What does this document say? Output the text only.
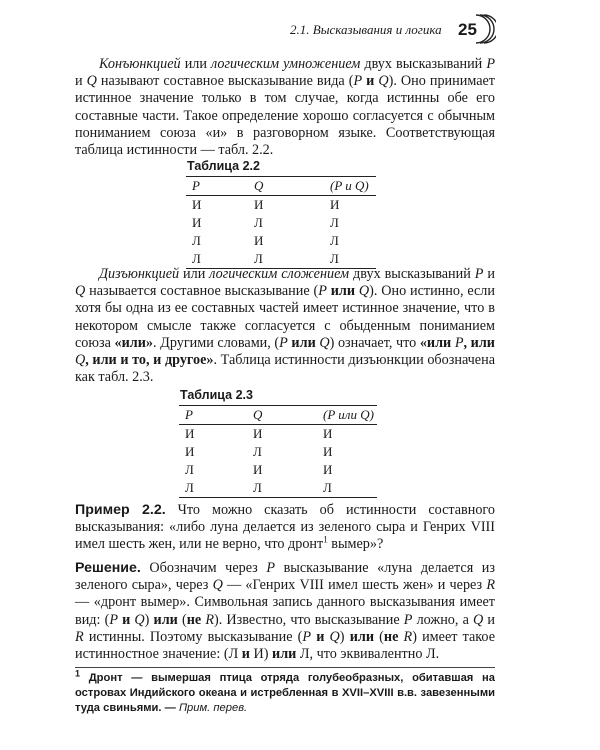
2.1. Высказывания и логика 25
Конъюнкцией или логическим умножением двух высказываний P и Q называют составное высказывание вида (P и Q). Оно принимает истинное значение только в том случае, когда истинны обе его составные части. Такое определение хорошо согласуется с обычным пониманием союза «и» в разговорном языке. Соответствующая таблица истинности — табл. 2.2.
Таблица 2.2
P	Q	(P и Q)
И	И	И
И	Л	Л
Л	И	Л
Л	Л	Л
Дизъюнкцией или логическим сложением двух высказываний P и Q называется составное высказывание (P или Q). Оно истинно, если хотя бы одна из ее составных частей имеет истинное значение, что в некотором смысле также согласуется с обыденным пониманием союза «или». Другими словами, (P или Q) означает, что «или P, или Q, или и то, и другое». Таблица истинности дизъюнкции обозначена как табл. 2.3.
Таблица 2.3
P	Q	(P или Q)
И	И	И
И	Л	И
Л	И	И
Л	Л	Л
Пример 2.2. Что можно сказать об истинности составного высказывания: «либо луна делается из зеленого сыра и Генрих VIII имел шесть жен, или не верно, что дронт$^1$ вымер»?
Решение. Обозначим через P высказывание «луна делается из зеленого сыра», через Q — «Генрих VIII имел шесть жен» и через R — «дронт вымер». Символьная запись данного высказывания имеет вид: (P и Q) или (не R). Известно, что высказывание P ложно, а Q и R истинны. Поэтому высказывание (P и Q) или (не R) имеет такое истинностное значение: (Л и И) или Л, что эквивалентно Л.
$^1$ Дронт — вымершая птица отряда голубеобразных, обитавшая на островах Индийского океана и истребленная в XVII–XVIII в.в. завезенными туда свиньями. — Прим. перев.
